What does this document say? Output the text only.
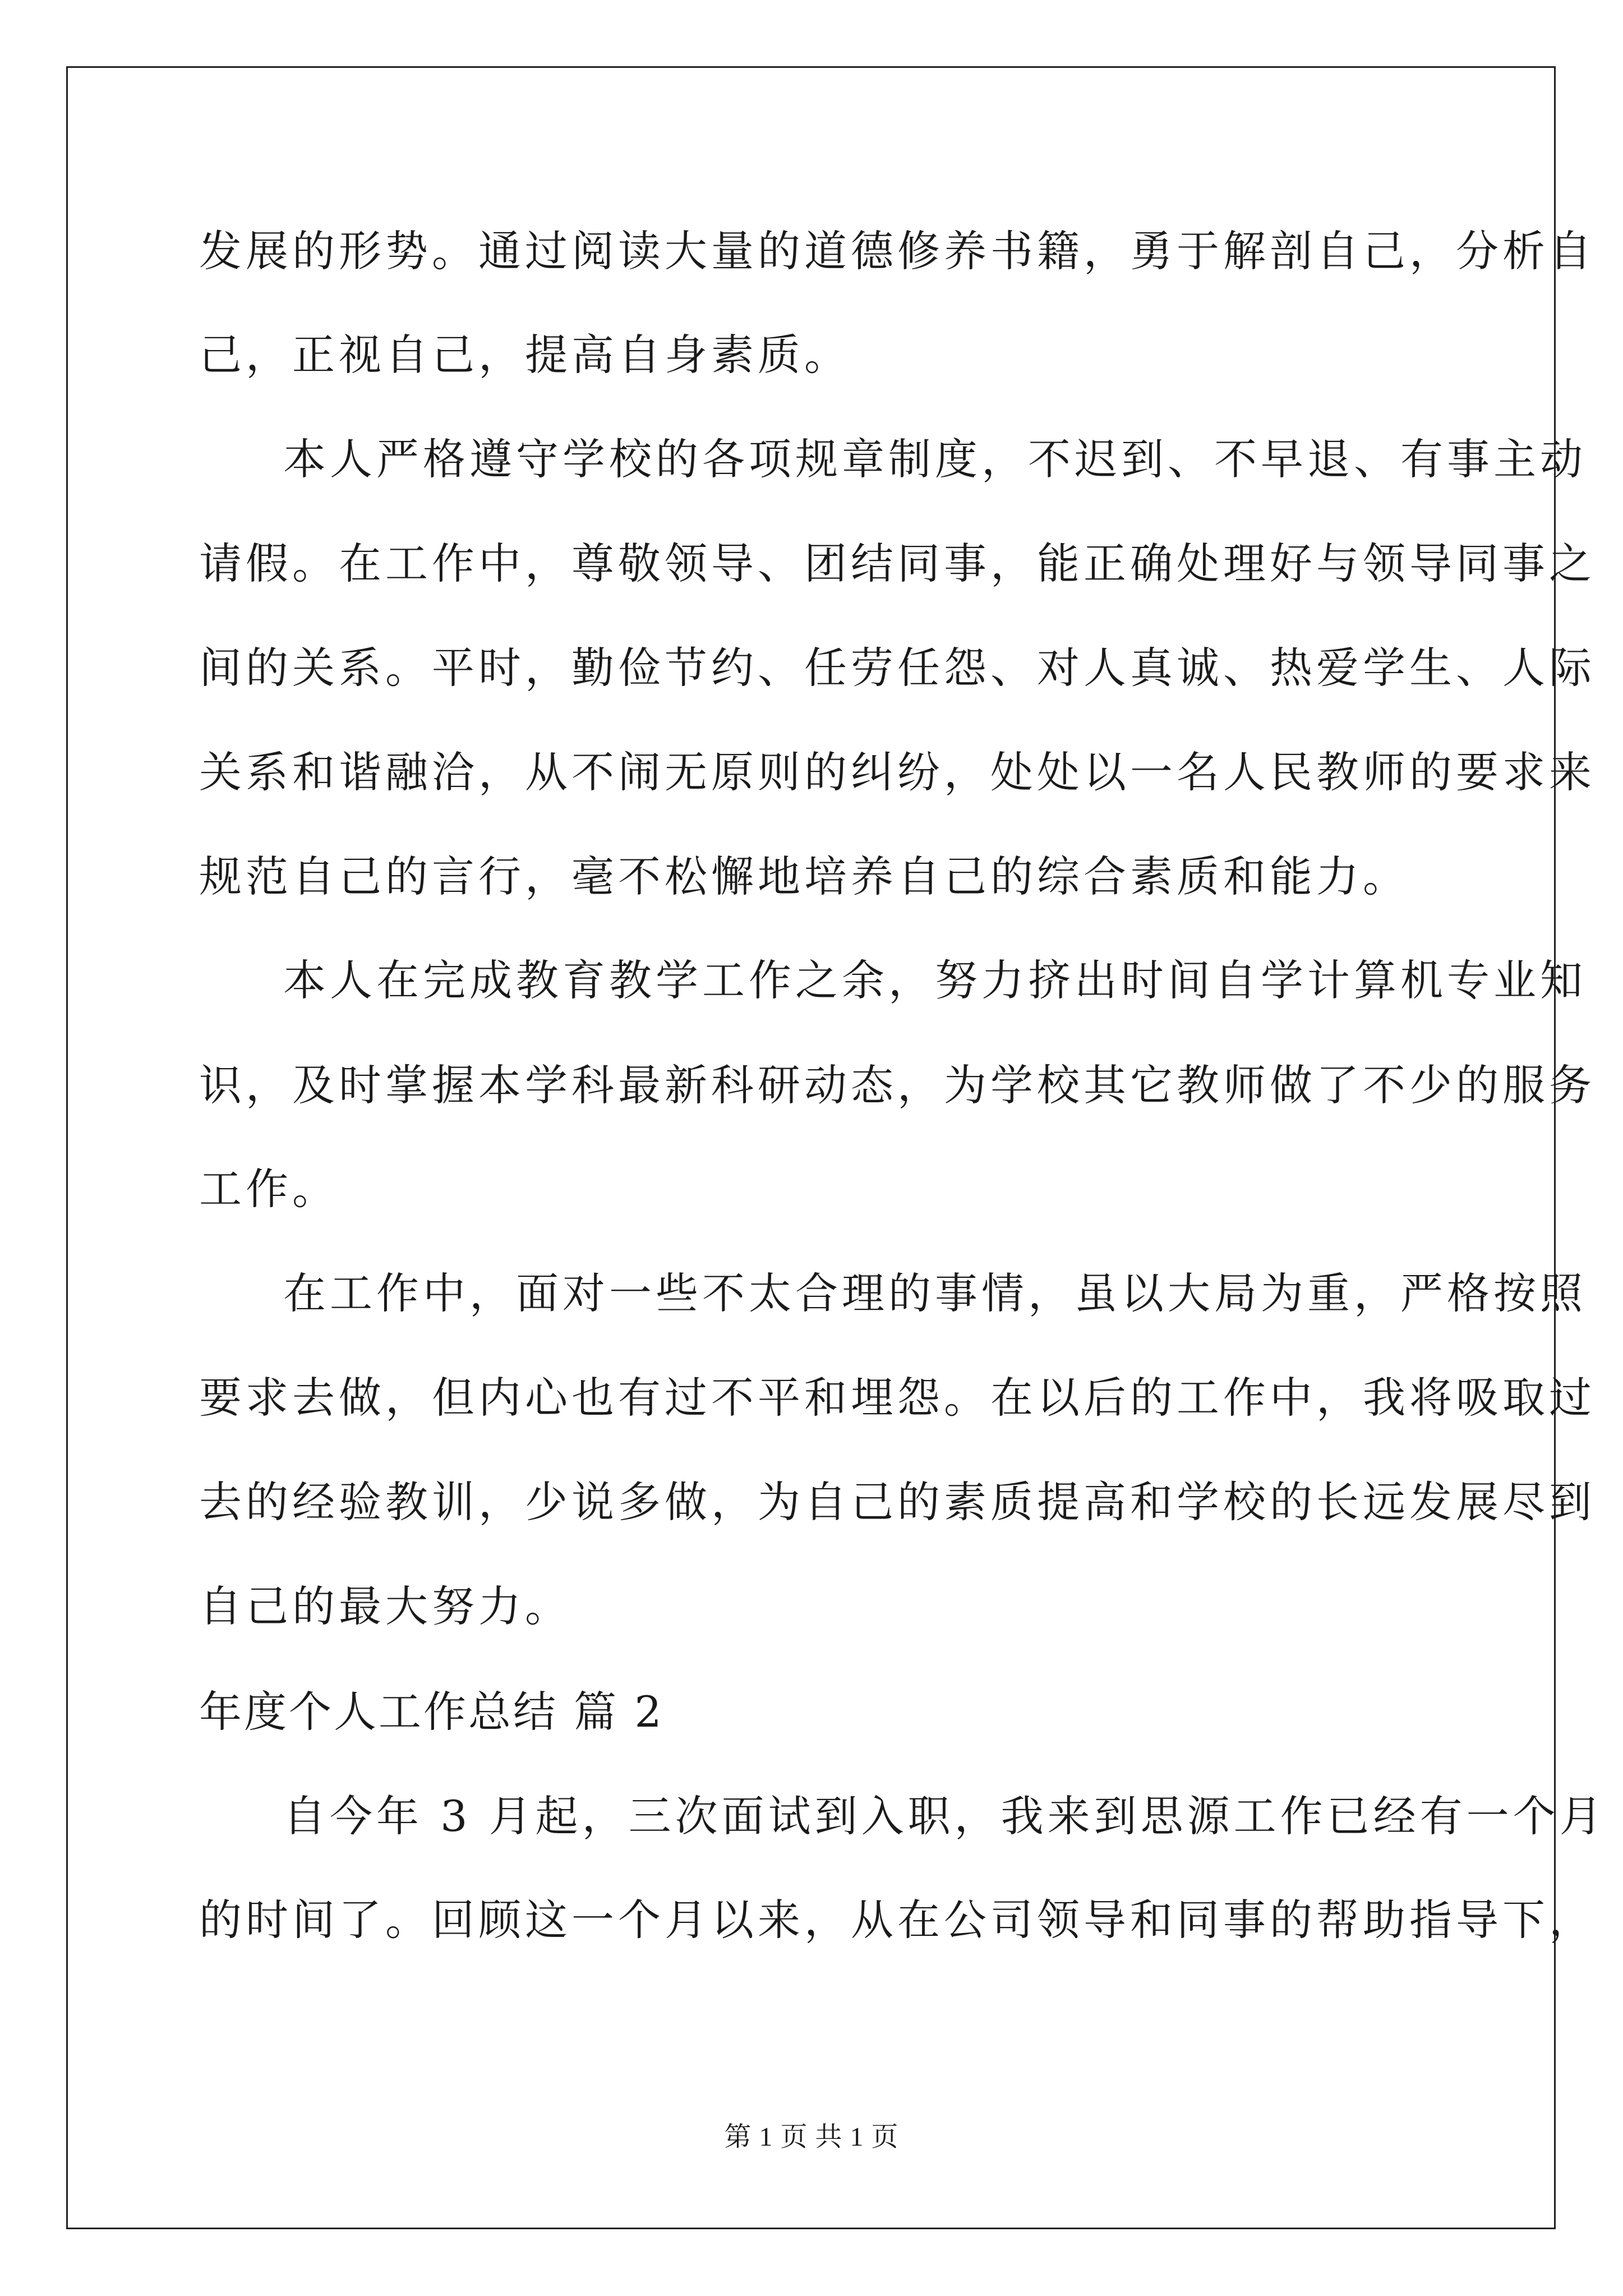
发展的形势。通过阅读大量的道德修养书籍，勇于解剖自己，分析自
己，正视自己，提高自身素质。
本人严格遵守学校的各项规章制度，不迟到、不早退、有事主动
请假。在工作中，尊敬领导、团结同事，能正确处理好与领导同事之
间的关系。平时，勤俭节约、任劳任怨、对人真诚、热爱学生、人际
关系和谐融洽，从不闹无原则的纠纷，处处以一名人民教师的要求来
规范自己的言行，毫不松懈地培养自己的综合素质和能力。
本人在完成教育教学工作之余，努力挤出时间自学计算机专业知
识，及时掌握本学科最新科研动态，为学校其它教师做了不少的服务
工作。
在工作中，面对一些不太合理的事情，虽以大局为重，严格按照
要求去做，但内心也有过不平和埋怨。在以后的工作中，我将吸取过
去的经验教训，少说多做，为自己的素质提高和学校的长远发展尽到
自己的最大努力。
年度个人工作总结 篇 2
自今年 3 月起，三次面试到入职，我来到思源工作已经有一个月
的时间了。回顾这一个月以来，从在公司领导和同事的帮助指导下，
第 1 页 共 1 页
